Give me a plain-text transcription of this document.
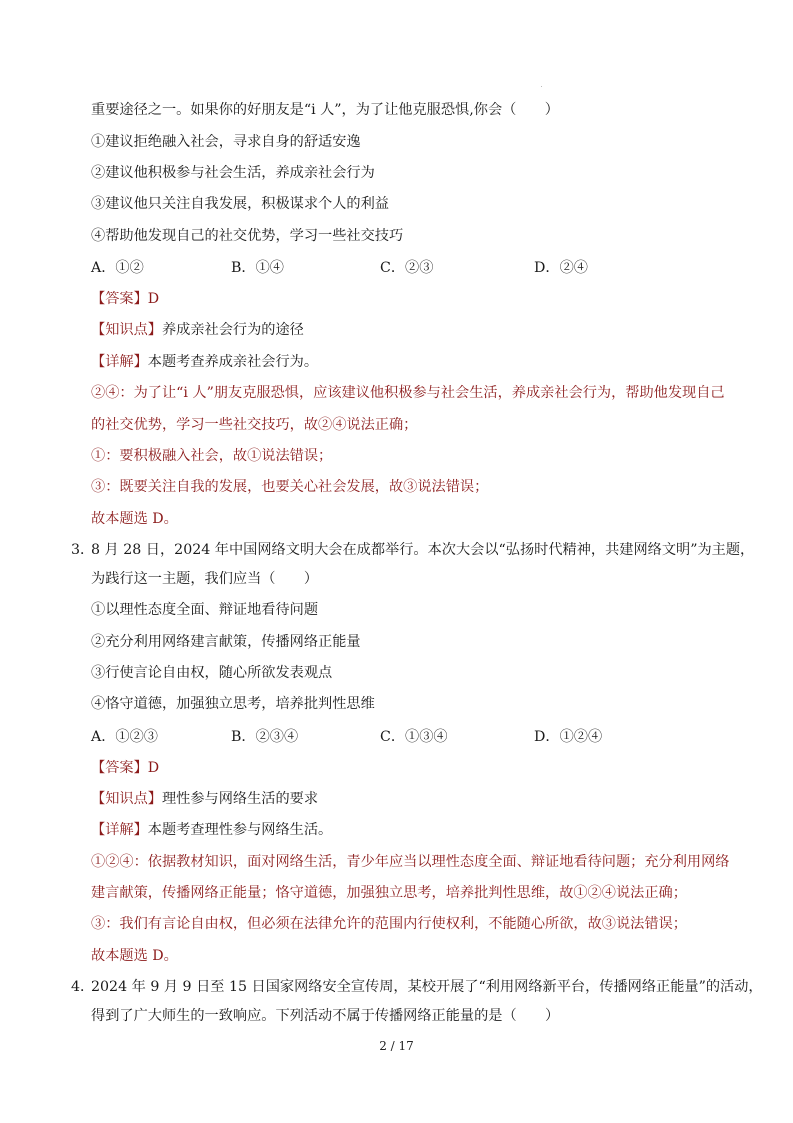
重要途径之一。如果你的好朋友是“i 人”，为了让他克服恐惧,你会（　　）
①建议拒绝融入社会，寻求自身的舒适安逸
②建议他积极参与社会生活，养成亲社会行为
③建议他只关注自我发展，积极谋求个人的利益
④帮助他发现自己的社交优势，学习一些社交技巧
A．①②	B．①④	C．②③	D．②④
【答案】D
【知识点】养成亲社会行为的途径
【详解】本题考查养成亲社会行为。
②④：为了让“i 人”朋友克服恐惧，应该建议他积极参与社会生活，养成亲社会行为，帮助他发现自己
的社交优势，学习一些社交技巧，故②④说法正确；
①：要积极融入社会，故①说法错误；
③：既要关注自我的发展，也要关心社会发展，故③说法错误；
故本题选 D。
3．
8 月 28 日，2024 年中国网络文明大会在成都举行。本次大会以“弘扬时代精神，共建网络文明”为主题，
为践行这一主题，我们应当（　　）
①以理性态度全面、辩证地看待问题
②充分利用网络建言献策，传播网络正能量
③行使言论自由权，随心所欲发表观点
④恪守道德，加强独立思考，培养批判性思维
A．①②③	B．②③④	C．①③④	D．①②④
【答案】D
【知识点】理性参与网络生活的要求
【详解】本题考查理性参与网络生活。
①②④：依据教材知识，面对网络生活，青少年应当以理性态度全面、辩证地看待问题；充分利用网络
建言献策，传播网络正能量；恪守道德，加强独立思考，培养批判性思维，故①②④说法正确；
③：我们有言论自由权，但必须在法律允许的范围内行使权利，不能随心所欲，故③说法错误；
故本题选 D。
4．
2024 年 9 月 9 日至 15 日国家网络安全宣传周，某校开展了“利用网络新平台，传播网络正能量”的活动，
得到了广大师生的一致响应。下列活动不属于传播网络正能量的是（　　）
2 / 17
